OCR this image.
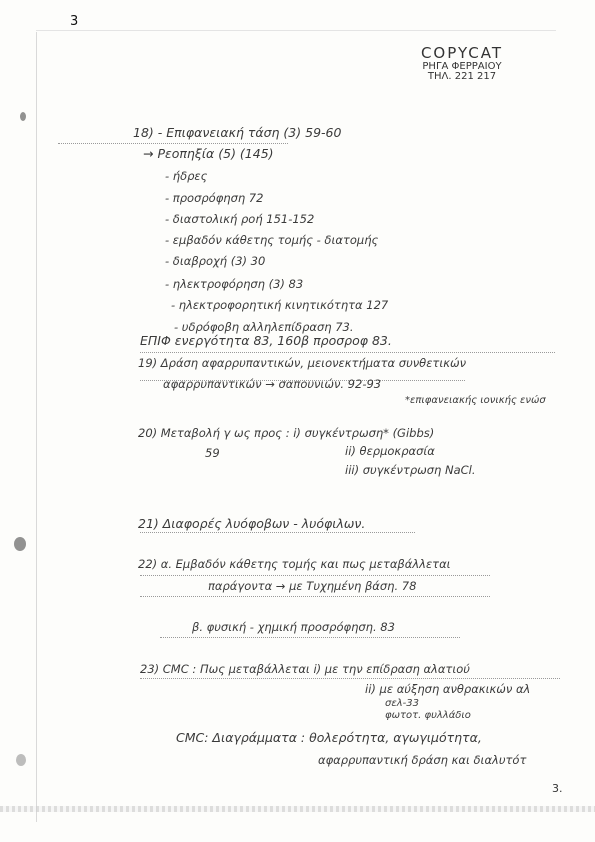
3
COPYCAT
ΡΗΓΑ ΦΕΡΡΑΙΟΥ
ΤΗΛ. 221 217
18) - Επιφανειακή τάση (3) 59-60
→ Ρεοπηξία (5) (145)
- ήδρες
- προσρόφηση 72
- διαστολική ροή 151-152
- εμβαδόν κάθετης τομής - διατομής
- διαβροχή (3) 30
- ηλεκτροφόρηση (3) 83
- ηλεκτροφορητική κινητικότητα 127
- υδρόφοβη αλληλεπίδραση 73.
ΕΠΙΦ ενεργότητα 83, 160β προσροφ 83.
19) Δράση αφαρρυπαντικών, μειονεκτήματα συνθετικών
αφαρρυπαντικών → σαπουνιών. 92-93
*επιφανειακής ιονικής ενώσ
20) Μεταβολή γ ως προς : i) συγκέντρωση* (Gibbs)
59	ii) θερμοκρασία
iii) συγκέντρωση NaCl.
21) Διαφορές λυόφοβων - λυόφιλων.
22) α. Εμβαδόν κάθετης τομής και πως μεταβάλλεται
παράγοντα → με Τυχημένη βάση. 78
β. φυσική - χημική προσρόφηση. 83
23) CMC : Πως μεταβάλλεται i) με την επίδραση αλατιού
ii) με αύξηση ανθρακικών αλ
σελ-33
φωτοτ. φυλλάδιο
CMC: Διαγράμματα : θολερότητα, αγωγιμότητα,
αφαρρυπαντική δράση και διαλυτότ
3.
